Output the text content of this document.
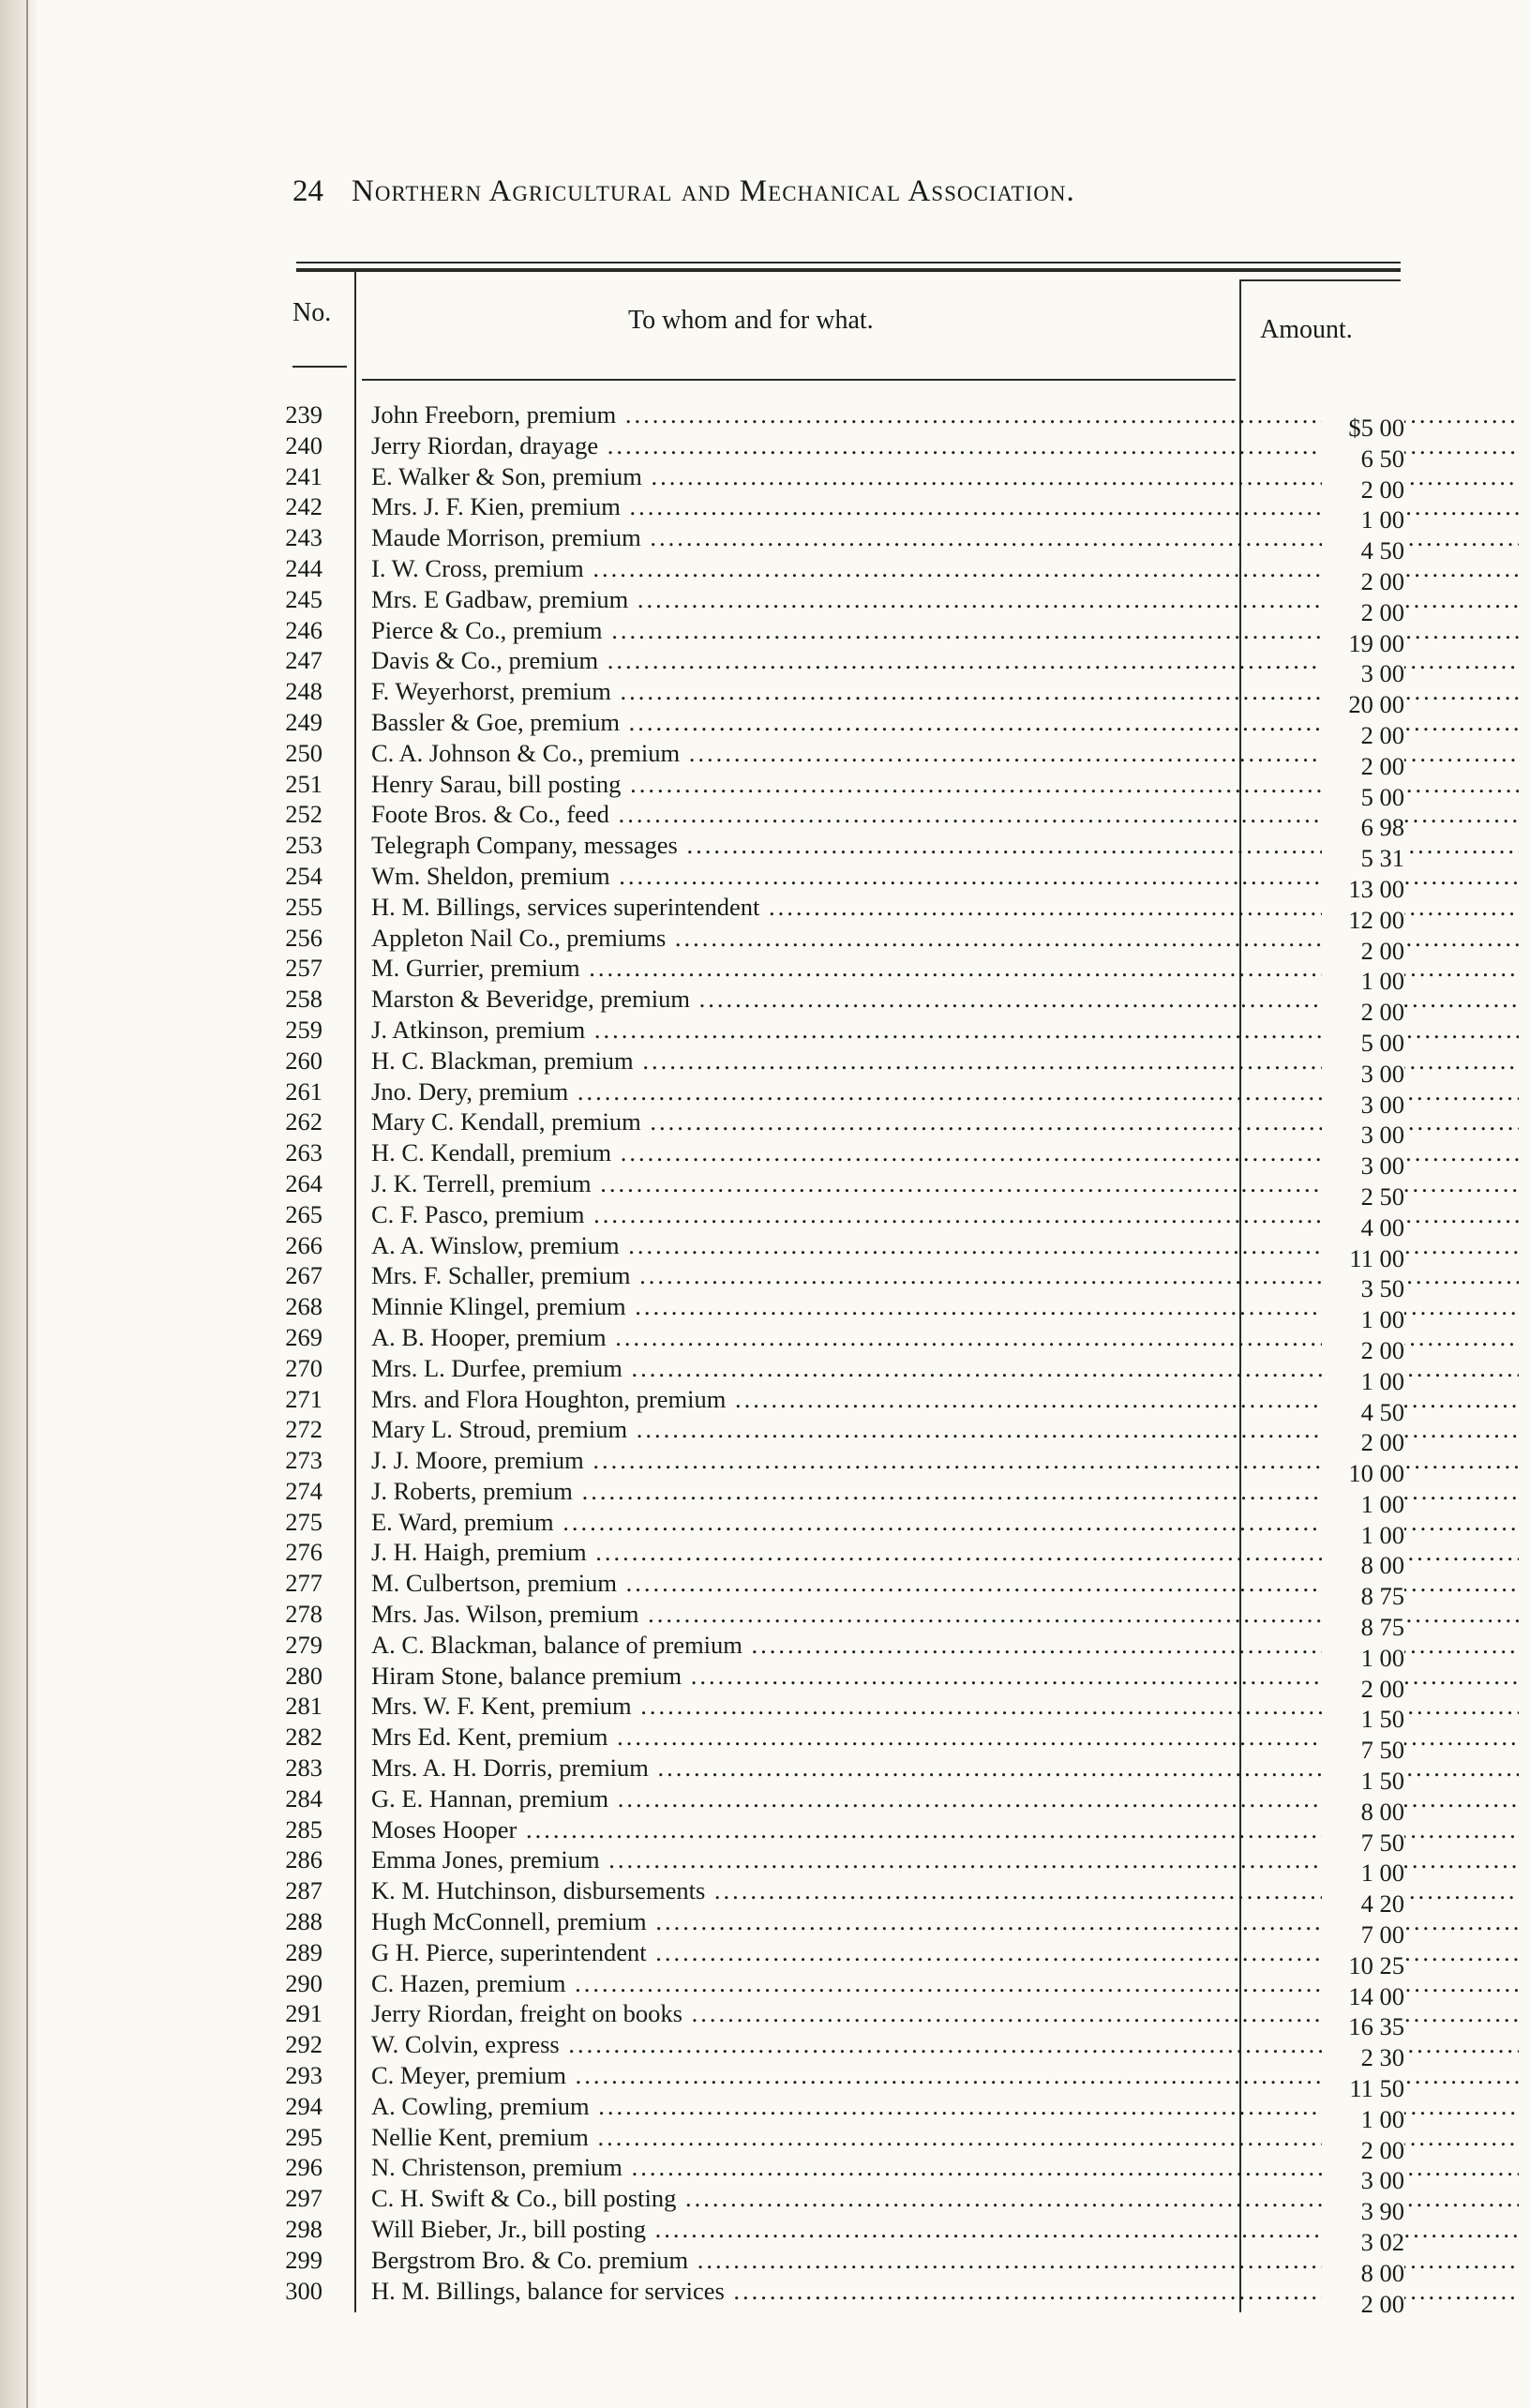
24 Northern Agricultural and Mechanical Association.
No.	To whom and for what.	Amount.
239 John Freeborn, premium .....	$5 00
240 Jerry Riordan, drayage .....	6 50
241 E. Walker & Son, premium .....	2 00
242 Mrs. J. F. Kien, premium .....	1 00
243 Maude Morrison, premium .....	4 50
244 I. W. Cross, premium .....	2 00
245 Mrs. E Gadbaw, premium .....	2 00
246 Pierce & Co., premium .....	19 00
247 Davis & Co., premium .....	3 00
248 F. Weyerhorst, premium .....	20 00
249 Bassler & Goe, premium .....	2 00
250 C. A. Johnson & Co., premium .....	2 00
251 Henry Sarau, bill posting .....	5 00
252 Foote Bros. & Co., feed .....	6 98
253 Telegraph Company, messages .....	5 31
254 Wm. Sheldon, premium .....	13 00
255 H. M. Billings, services superintendent .....	12 00
256 Appleton Nail Co., premiums .....	2 00
257 M. Gurrier, premium .....	1 00
258 Marston & Beveridge, premium .....	2 00
259 J. Atkinson, premium .....	5 00
260 H. C. Blackman, premium .....	3 00
261 Jno. Dery, premium .....	3 00
262 Mary C. Kendall, premium .....	3 00
263 H. C. Kendall, premium .....	3 00
264 J. K. Terrell, premium .....	2 50
265 C. F. Pasco, premium .....	4 00
266 A. A. Winslow, premium .....	11 00
267 Mrs. F. Schaller, premium .....	3 50
268 Minnie Klingel, premium .....	1 00
269 A. B. Hooper, premium .....	2 00
270 Mrs. L. Durfee, premium .....	1 00
271 Mrs. and Flora Houghton, premium .....	4 50
272 Mary L. Stroud, premium .....	2 00
273 J. J. Moore, premium .....	10 00
274 J. Roberts, premium .....	1 00
275 E. Ward, premium .....	1 00
276 J. H. Haigh, premium .....	8 00
277 M. Culbertson, premium .....	8 75
278 Mrs. Jas. Wilson, premium .....	8 75
279 A. C. Blackman, balance of premium .....	1 00
280 Hiram Stone, balance premium .....	2 00
281 Mrs. W. F. Kent, premium .....	1 50
282 Mrs Ed. Kent, premium .....	7 50
283 Mrs. A. H. Dorris, premium .....	1 50
284 G. E. Hannan, premium .....	8 00
285 Moses Hooper .....	7 50
286 Emma Jones, premium .....	1 00
287 K. M. Hutchinson, disbursements .....	4 20
288 Hugh McConnell, premium .....	7 00
289 G H. Pierce, superintendent .....	10 25
290 C. Hazen, premium .....	14 00
291 Jerry Riordan, freight on books .....	16 35
292 W. Colvin, express .....	2 30
293 C. Meyer, premium .....	11 50
294 A. Cowling, premium .....	1 00
295 Nellie Kent, premium .....	2 00
296 N. Christenson, premium .....	3 00
297 C. H. Swift & Co., bill posting .....	3 90
298 Will Bieber, Jr., bill posting .....	3 02
299 Bergstrom Bro. & Co. premium .....	8 00
300 H. M. Billings, balance for services .....	2 00
